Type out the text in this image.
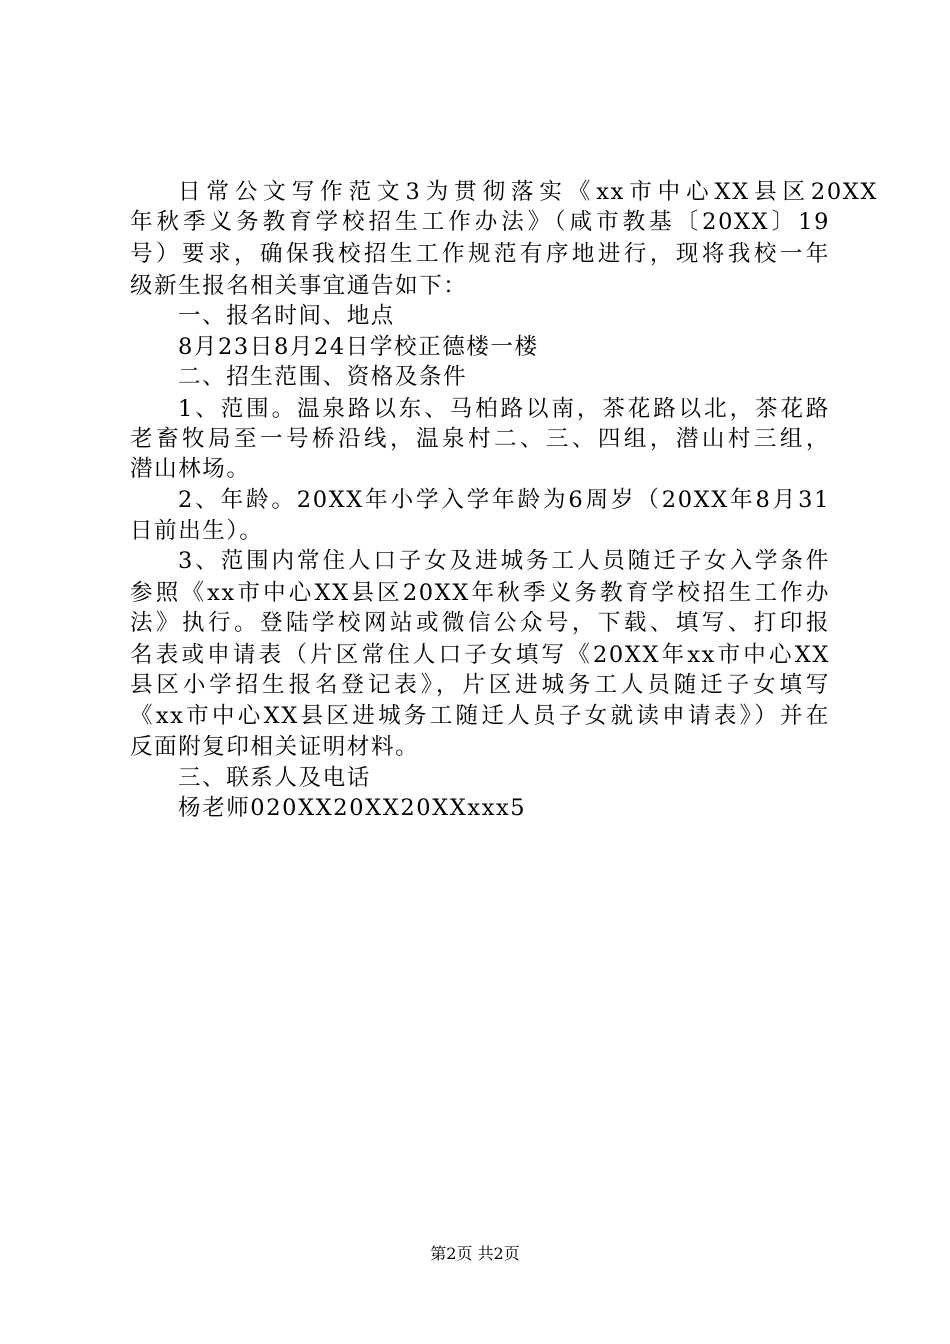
日常公文写作范文3为贯彻落实《xx市中心XX县区20XX
年秋季义务教育学校招生工作办法》（咸市教基〔20XX〕19
号）要求，确保我校招生工作规范有序地进行，现将我校一年
级新生报名相关事宜通告如下：
一、报名时间、地点
8月23日8月24日学校正德楼一楼
二、招生范围、资格及条件
1、范围。温泉路以东、马柏路以南，茶花路以北，茶花路
老畜牧局至一号桥沿线，温泉村二、三、四组，潜山村三组，
潜山林场。
2、年龄。20XX年小学入学年龄为6周岁（20XX年8月31
日前出生）。
3、范围内常住人口子女及进城务工人员随迁子女入学条件
参照《xx市中心XX县区20XX年秋季义务教育学校招生工作办
法》执行。登陆学校网站或微信公众号，下载、填写、打印报
名表或申请表（片区常住人口子女填写《20XX年xx市中心XX
县区小学招生报名登记表》，片区进城务工人员随迁子女填写
《xx市中心XX县区进城务工随迁人员子女就读申请表》）并在
反面附复印相关证明材料。
三、联系人及电话
杨老师020XX20XX20XXxxx5
第2页 共2页
